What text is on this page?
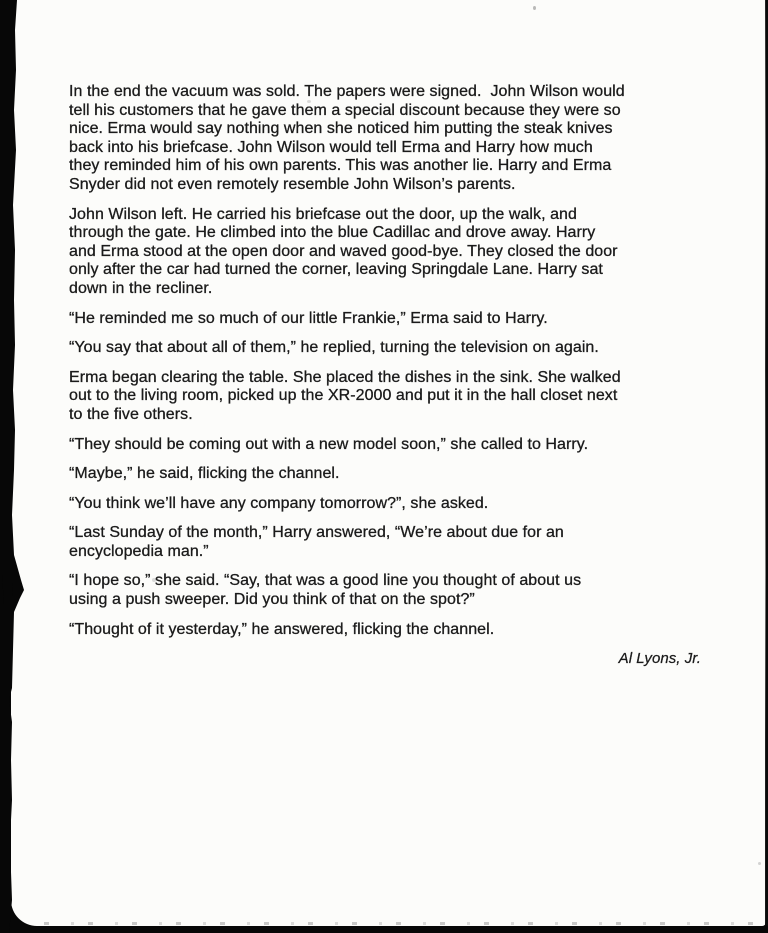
In the end the vacuum was sold. The papers were signed.  John Wilson would
tell his customers that he gave them a special discount because they were so
nice. Erma would say nothing when she noticed him putting the steak knives
back into his briefcase. John Wilson would tell Erma and Harry how much
they reminded him of his own parents. This was another lie. Harry and Erma
Snyder did not even remotely resemble John Wilson’s parents.
John Wilson left. He carried his briefcase out the door, up the walk, and
through the gate. He climbed into the blue Cadillac and drove away. Harry
and Erma stood at the open door and waved good-bye. They closed the door
only after the car had turned the corner, leaving Springdale Lane. Harry sat
down in the recliner.
“He reminded me so much of our little Frankie,” Erma said to Harry.
“You say that about all of them,” he replied, turning the television on again.
Erma began clearing the table. She placed the dishes in the sink. She walked
out to the living room, picked up the XR-2000 and put it in the hall closet next
to the five others.
“They should be coming out with a new model soon,” she called to Harry.
“Maybe,” he said, flicking the channel.
“You think we’ll have any company tomorrow?”, she asked.
“Last Sunday of the month,” Harry answered, “We’re about due for an
encyclopedia man.”
“I hope so,” she said. “Say, that was a good line you thought of about us
using a push sweeper. Did you think of that on the spot?”
“Thought of it yesterday,” he answered, flicking the channel.
Al Lyons, Jr.
